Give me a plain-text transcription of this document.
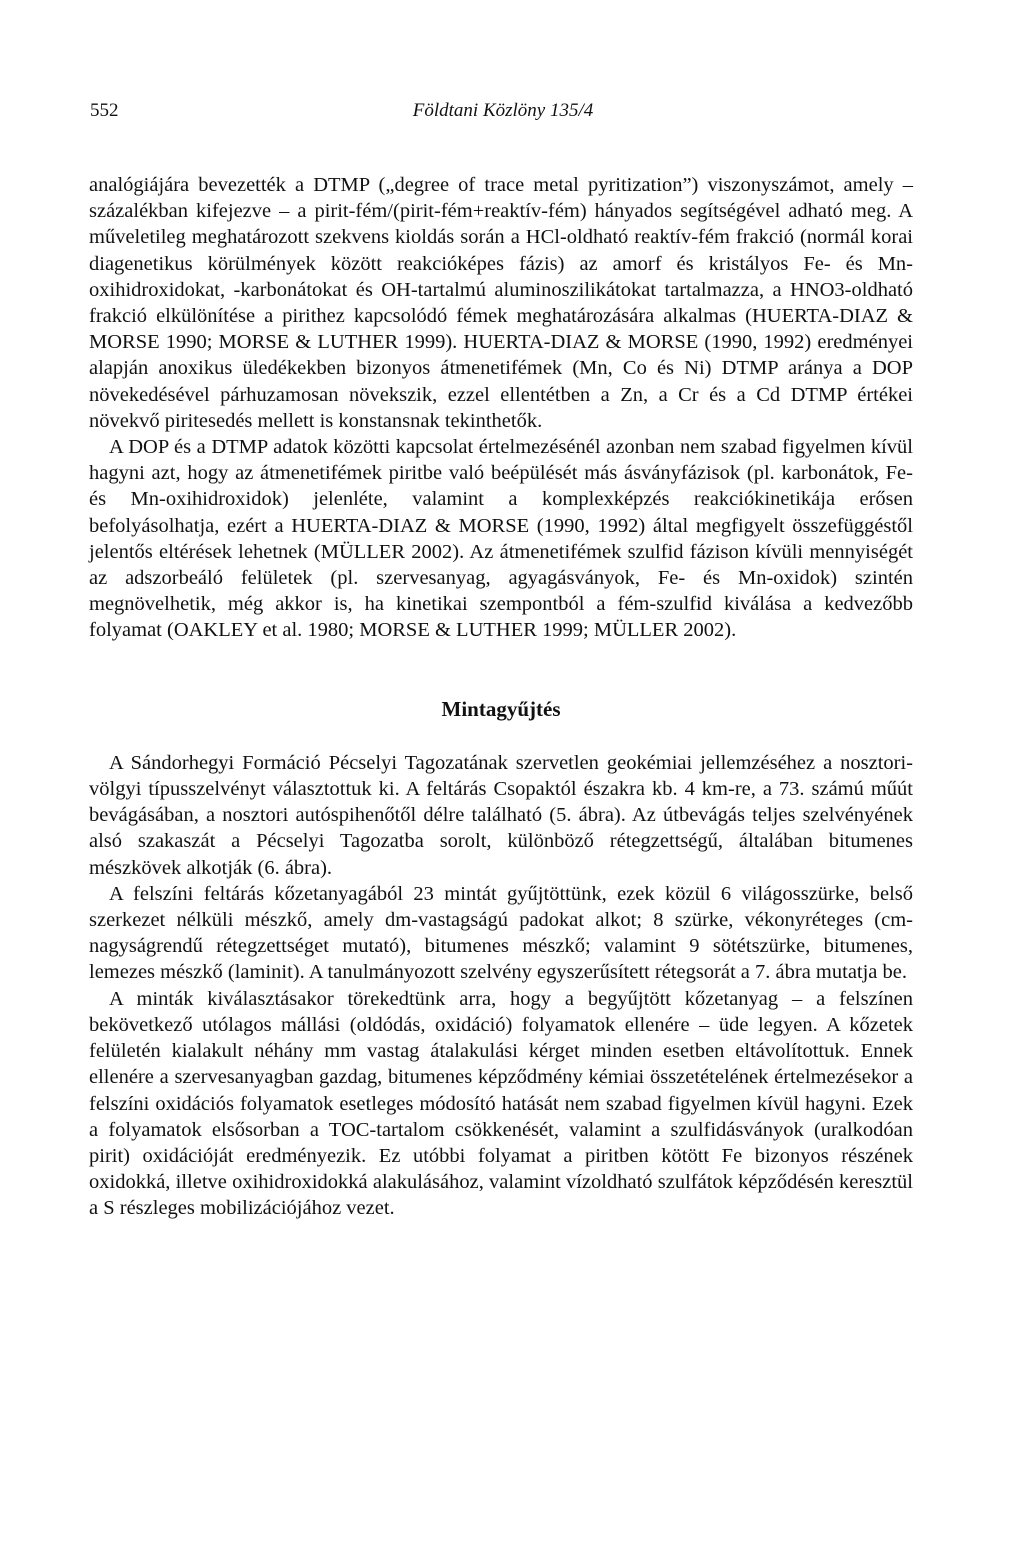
552	Földtani Közlöny 135/4

analógiájára bevezették a DTMP („degree of trace metal pyritization”) viszonyszámot, amely – százalékban kifejezve – a pirit-fém/(pirit-fém+reaktív-fém) hányados segítségével adható meg. A műveletileg meghatározott szekvens kioldás során a HCl-oldható reaktív-fém frakció (normál korai diagenetikus körülmények között reakcióképes fázis) az amorf és kristályos Fe- és Mn-oxihidroxidokat, -karbonátokat és OH-tartalmú aluminoszilikátokat tartalmazza, a HNO3-oldható frakció elkülönítése a pirithez kapcsolódó fémek meghatározására alkalmas (HUERTA-DIAZ & MORSE 1990; MORSE & LUTHER 1999). HUERTA-DIAZ & MORSE (1990, 1992) eredményei alapján anoxikus üledékekben bizonyos átmenetifémek (Mn, Co és Ni) DTMP aránya a DOP növekedésével párhuzamosan növekszik, ezzel ellentétben a Zn, a Cr és a Cd DTMP értékei növekvő piritesedés mellett is konstansnak tekinthetők.

A DOP és a DTMP adatok közötti kapcsolat értelmezésénél azonban nem szabad figyelmen kívül hagyni azt, hogy az átmenetifémek piritbe való beépülését más ásványfázisok (pl. karbonátok, Fe- és Mn-oxihidroxidok) jelenléte, valamint a komplexképzés reakciókinetikája erősen befolyásolhatja, ezért a HUERTA-DIAZ & MORSE (1990, 1992) által megfigyelt összefüggéstől jelentős eltérések lehetnek (MÜLLER 2002). Az átmenetifémek szulfid fázison kívüli mennyiségét az adszorbeáló felületek (pl. szervesanyag, agyagásványok, Fe- és Mn-oxidok) szintén megnövelhetik, még akkor is, ha kinetikai szempontból a fém-szulfid kiválása a kedvezőbb folyamat (OAKLEY et al. 1980; MORSE & LUTHER 1999; MÜLLER 2002).

Mintagyűjtés

A Sándorhegyi Formáció Pécselyi Tagozatának szervetlen geokémiai jellemzéséhez a nosztori-völgyi típusszelvényt választottuk ki. A feltárás Csopaktól északra kb. 4 km-re, a 73. számú műút bevágásában, a nosztori autóspihenőtől délre található (5. ábra). Az útbevágás teljes szelvényének alsó szakaszát a Pécselyi Tagozatba sorolt, különböző rétegzettségű, általában bitumenes mészkövek alkotják (6. ábra).

A felszíni feltárás kőzetanyagából 23 mintát gyűjtöttünk, ezek közül 6 világosszürke, belső szerkezet nélküli mészkő, amely dm-vastagságú padokat alkot; 8 szürke, vékonyréteges (cm-nagyságrendű rétegzettséget mutató), bitumenes mészkő; valamint 9 sötétszürke, bitumenes, lemezes mészkő (laminit). A tanulmányozott szelvény egyszerűsített rétegsorát a 7. ábra mutatja be.

A minták kiválasztásakor törekedtünk arra, hogy a begyűjtött kőzetanyag – a felszínen bekövetkező utólagos mállási (oldódás, oxidáció) folyamatok ellenére – üde legyen. A kőzetek felületén kialakult néhány mm vastag átalakulási kérget minden esetben eltávolítottuk. Ennek ellenére a szervesanyagban gazdag, bitumenes képződmény kémiai összetételének értelmezésekor a felszíni oxidációs folyamatok esetleges módosító hatását nem szabad figyelmen kívül hagyni. Ezek a folyamatok elsősorban a TOC-tartalom csökkenését, valamint a szulfidásványok (uralkodóan pirit) oxidációját eredményezik. Ez utóbbi folyamat a piritben kötött Fe bizonyos részének oxidokká, illetve oxihidroxidokká alakulásához, valamint vízoldható szulfátok képződésén keresztül a S részleges mobilizációjához vezet.
